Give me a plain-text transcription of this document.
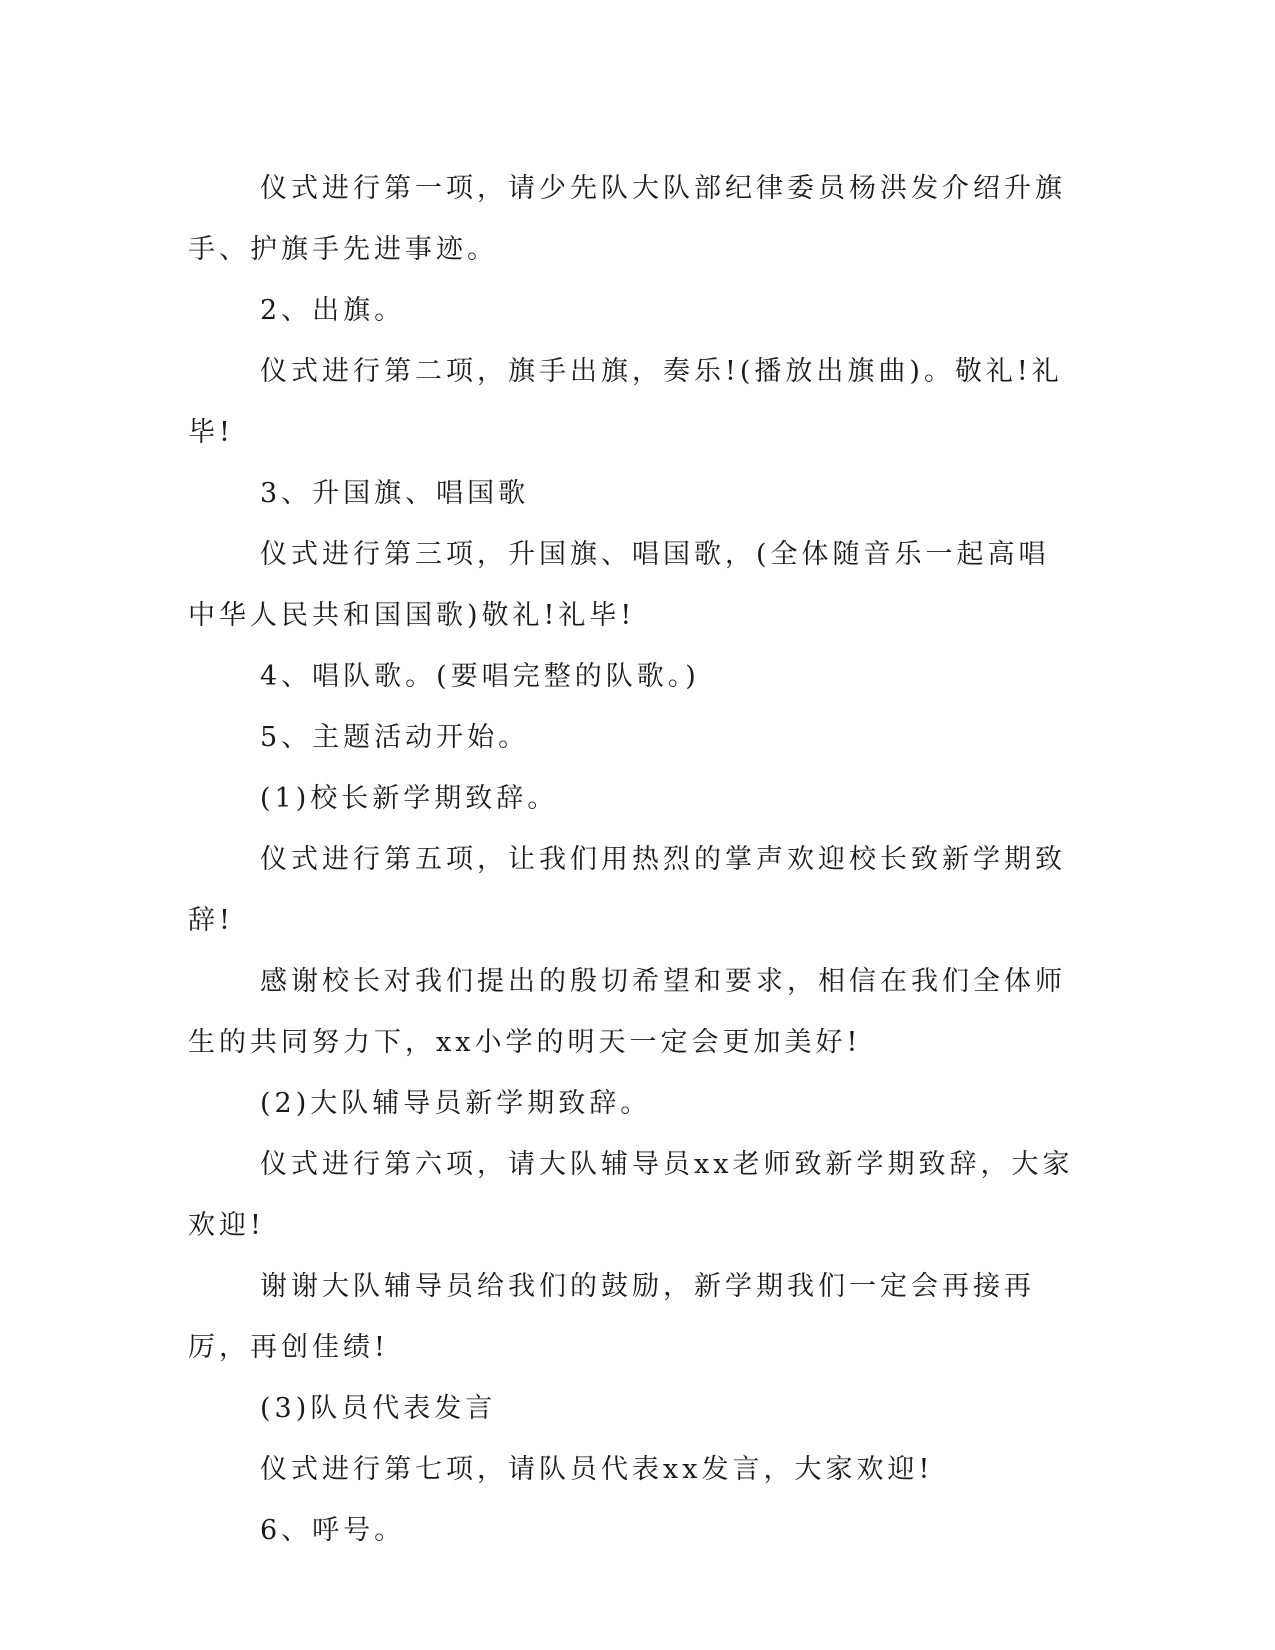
仪式进行第一项，请少先队大队部纪律委员杨洪发介绍升旗手、护旗手先进事迹。

2、出旗。

仪式进行第二项，旗手出旗，奏乐!(播放出旗曲)。敬礼!礼毕!

3、升国旗、唱国歌

仪式进行第三项，升国旗、唱国歌，(全体随音乐一起高唱中华人民共和国国歌)敬礼!礼毕!

4、唱队歌。(要唱完整的队歌。)

5、主题活动开始。

(1)校长新学期致辞。

仪式进行第五项，让我们用热烈的掌声欢迎校长致新学期致辞!

感谢校长对我们提出的殷切希望和要求，相信在我们全体师生的共同努力下，xx小学的明天一定会更加美好!

(2)大队辅导员新学期致辞。

仪式进行第六项，请大队辅导员xx老师致新学期致辞，大家欢迎!

谢谢大队辅导员给我们的鼓励，新学期我们一定会再接再厉，再创佳绩!

(3)队员代表发言

仪式进行第七项，请队员代表xx发言，大家欢迎!

6、呼号。
